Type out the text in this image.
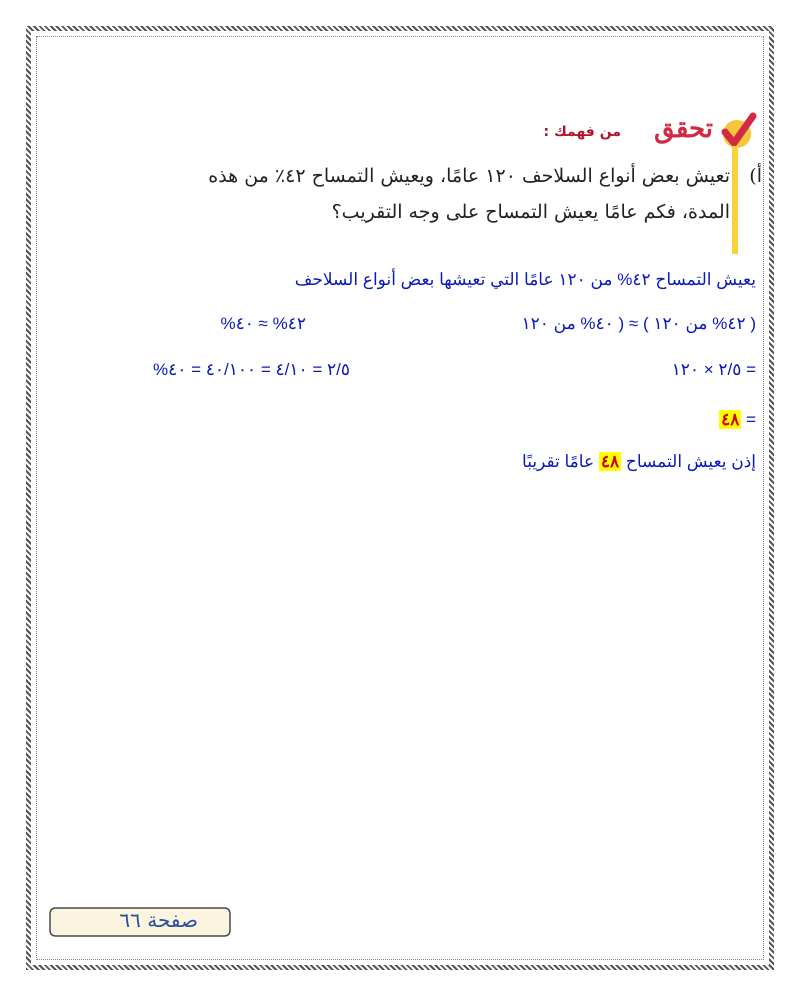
تحقق
من فهمك :
أ)
تعيش بعض أنواع السلاحف ١٢٠ عامًا، ويعيش التمساح ٤٢٪ من هذه
المدة، فكم عامًا يعيش التمساح على وجه التقريب؟
يعيش التمساح ٤٢% من ١٢٠ عامًا التي تعيشها بعض أنواع السلاحف
( ٤٢% من ١٢٠ ) ≈ ( ٤٠% من ١٢٠
٤٢% ≈ ٤٠%
= ٢/٥ × ١٢٠
٢/٥ = ٤/١٠ = ٤٠/١٠٠ = ٤٠%
= ٤٨
إذن يعيش التمساح ٤٨ عامًا تقريبًا
صفحة ٦٦
